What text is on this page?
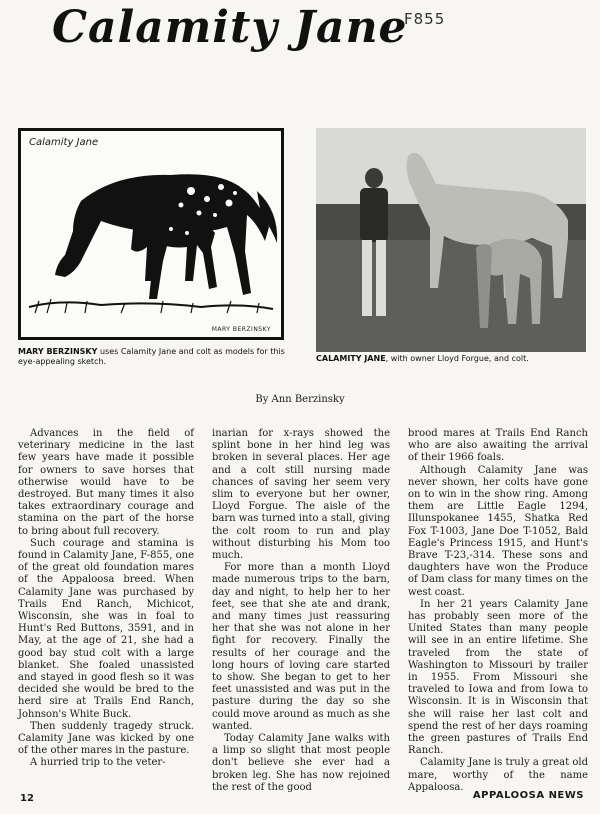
Calamity Jane
F855
Calamity Jane
MARY BERZINSKY
MARY BERZINSKY uses Calamity Jane and colt as models for this eye-appealing sketch.	CALAMITY JANE, with owner Lloyd Forgue, and colt.
By Ann Berzinsky

Advances in the field of veterinary medicine in the last few years have made it possible for owners to save horses that otherwise would have to be destroyed. But many times it also takes extraordinary courage and stamina on the part of the horse to bring about full recovery.

Such courage and stamina is found in Calamity Jane, F-855, one of the great old foundation mares of the Appaloosa breed. When Calamity Jane was purchased by Trails End Ranch, Michicot, Wisconsin, she was in foal to Hunt's Red Buttons, 3591, and in May, at the age of 21, she had a good bay stud colt with a large blanket. She foaled unassisted and stayed in good flesh so it was decided she would be bred to the herd sire at Trails End Ranch, Johnson's White Buck.

Then suddenly tragedy struck. Calamity Jane was kicked by one of the other mares in the pasture.

A hurried trip to the veter-

inarian for x-rays showed the splint bone in her hind leg was broken in several places. Her age and a colt still nursing made chances of saving her seem very slim to everyone but her owner, Lloyd Forgue. The aisle of the barn was turned into a stall, giving the colt room to run and play without disturbing his Mom too much.

For more than a month Lloyd made numerous trips to the barn, day and night, to help her to her feet, see that she ate and drank, and many times just reassuring her that she was not alone in her fight for recovery. Finally the results of her courage and the long hours of loving care started to show. She began to get to her feet unassisted and was put in the pasture during the day so she could move around as much as she wanted.

Today Calamity Jane walks with a limp so slight that most people don't believe she ever had a broken leg. She has now rejoined the rest of the good

brood mares at Trails End Ranch who are also awaiting the arrival of their 1966 foals.

Although Calamity Jane was never shown, her colts have gone on to win in the show ring. Among them are Little Eagle 1294, Illunspokanee 1455, Shatka Red Fox T-1003, Jane Doe T-1052, Bald Eagle's Princess 1915, and Hunt's Brave T-23,-314. These sons and daughters have won the Produce of Dam class for many times on the west coast.

In her 21 years Calamity Jane has probably seen more of the United States than many people will see in an entire lifetime. She traveled from the state of Washington to Missouri by trailer in 1955. From Missouri she traveled to Iowa and from Iowa to Wisconsin. It is in Wisconsin that she will raise her last colt and spend the rest of her days roaming the green pastures of Trails End Ranch.

Calamity Jane is truly a great old mare, worthy of the name Appaloosa.

12	APPALOOSA NEWS
